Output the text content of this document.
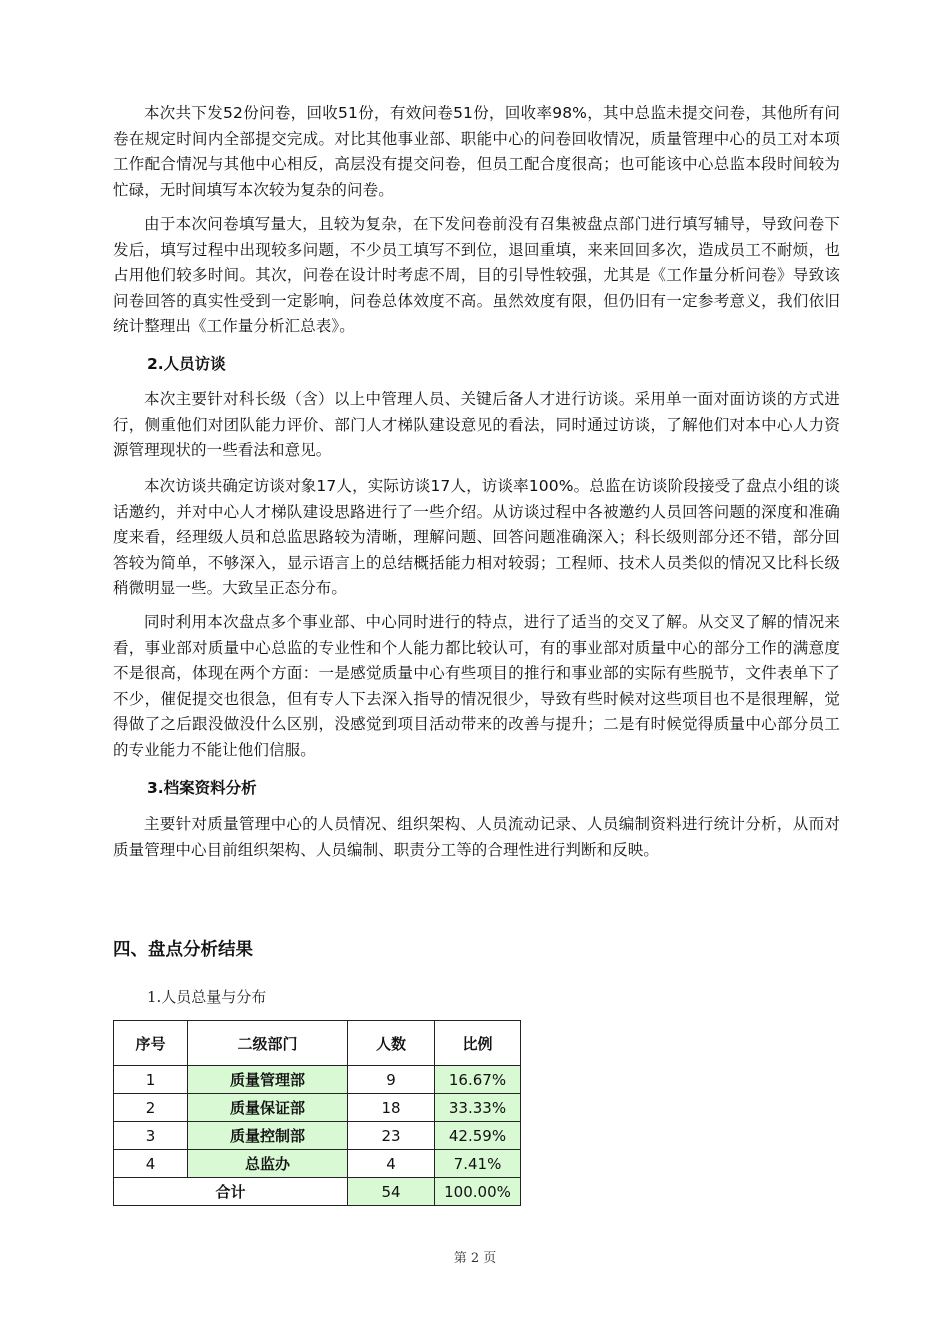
本次共下发52份问卷，回收51份，有效问卷51份，回收率98%，其中总监未提交问卷，其他所有问卷在规定时间内全部提交完成。对比其他事业部、职能中心的问卷回收情况，质量管理中心的员工对本项工作配合情况与其他中心相反，高层没有提交问卷，但员工配合度很高；也可能该中心总监本段时间较为忙碌，无时间填写本次较为复杂的问卷。

由于本次问卷填写量大，且较为复杂，在下发问卷前没有召集被盘点部门进行填写辅导，导致问卷下发后，填写过程中出现较多问题，不少员工填写不到位，退回重填，来来回回多次，造成员工不耐烦，也占用他们较多时间。其次，问卷在设计时考虑不周，目的引导性较强，尤其是《工作量分析问卷》导致该问卷回答的真实性受到一定影响，问卷总体效度不高。虽然效度有限，但仍旧有一定参考意义，我们依旧统计整理出《工作量分析汇总表》。

2.人员访谈

本次主要针对科长级（含）以上中管理人员、关键后备人才进行访谈。采用单一面对面访谈的方式进行，侧重他们对团队能力评价、部门人才梯队建设意见的看法，同时通过访谈，了解他们对本中心人力资源管理现状的一些看法和意见。

本次访谈共确定访谈对象17人，实际访谈17人，访谈率100%。总监在访谈阶段接受了盘点小组的谈话邀约，并对中心人才梯队建设思路进行了一些介绍。从访谈过程中各被邀约人员回答问题的深度和准确度来看，经理级人员和总监思路较为清晰，理解问题、回答问题准确深入；科长级则部分还不错，部分回答较为简单，不够深入，显示语言上的总结概括能力相对较弱；工程师、技术人员类似的情况又比科长级稍微明显一些。大致呈正态分布。

同时利用本次盘点多个事业部、中心同时进行的特点，进行了适当的交叉了解。从交叉了解的情况来看，事业部对质量中心总监的专业性和个人能力都比较认可，有的事业部对质量中心的部分工作的满意度不是很高，体现在两个方面：一是感觉质量中心有些项目的推行和事业部的实际有些脱节，文件表单下了不少，催促提交也很急，但有专人下去深入指导的情况很少，导致有些时候对这些项目也不是很理解，觉得做了之后跟没做没什么区别，没感觉到项目活动带来的改善与提升；二是有时候觉得质量中心部分员工的专业能力不能让他们信服。

3.档案资料分析

主要针对质量管理中心的人员情况、组织架构、人员流动记录、人员编制资料进行统计分析，从而对质量管理中心目前组织架构、人员编制、职责分工等的合理性进行判断和反映。

四、盘点分析结果

1.人员总量与分布

序号	二级部门	人数	比例
1	质量管理部	9	16.67%
2	质量保证部	18	33.33%
3	质量控制部	23	42.59%
4	总监办	4	7.41%
合计		54	100.00%

第 2 页
